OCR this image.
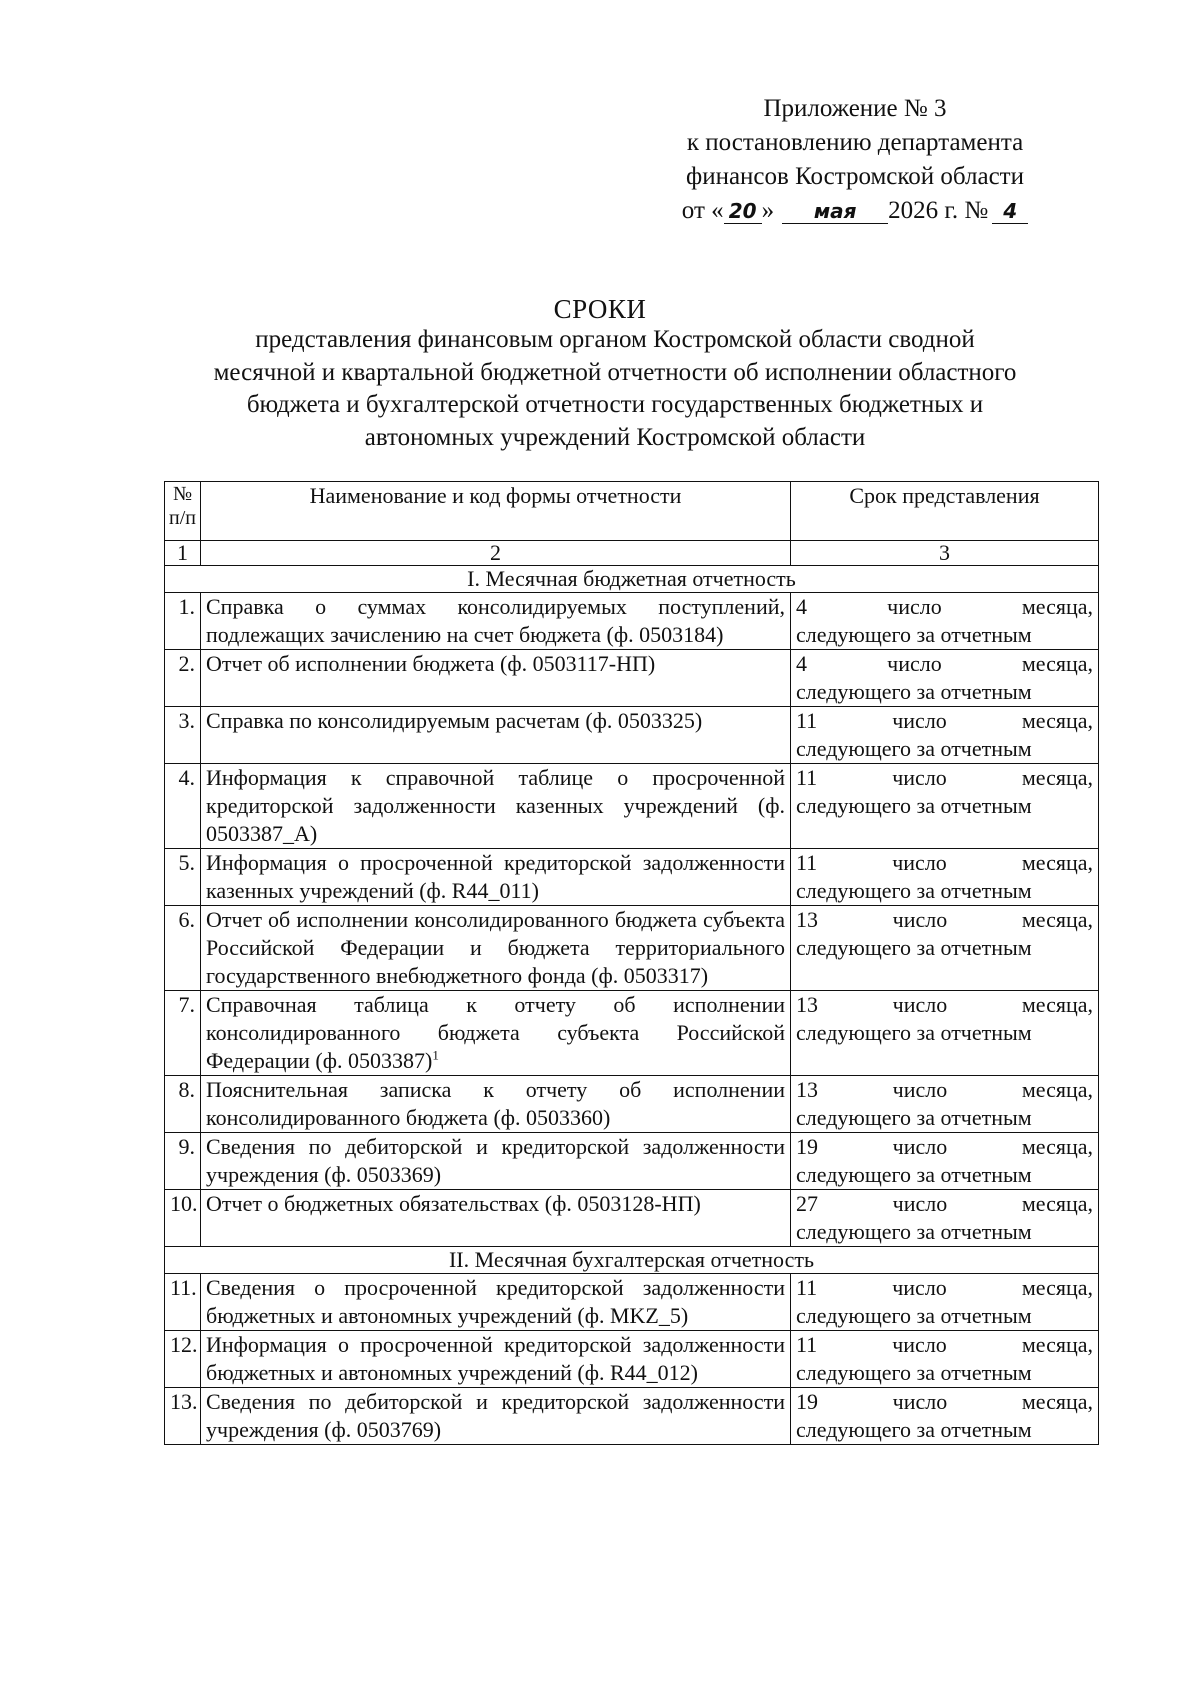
Приложение № 3
к постановлению департамента
финансов Костромской области
от « 20 » мая 2026 г. № 4
СРОКИ
представления финансовым органом Костромской области сводной
месячной и квартальной бюджетной отчетности об исполнении областного
бюджета и бухгалтерской отчетности государственных бюджетных и
автономных учреждений Костромской области
№ п/п	Наименование и код формы отчетности	Срок представления
1	2	3
I. Месячная бюджетная отчетность		
1.	Справка о суммах консолидируемых поступлений, подлежащих зачислению на счет бюджета (ф. 0503184)	4 число месяца,
следующего за отчетным

2.	Отчет об исполнении бюджета (ф. 0503117-НП)	4 число месяца,
следующего за отчетным

3.	Справка по консолидируемым расчетам (ф. 0503325)	11 число месяца,
следующего за отчетным

4.	Информация к справочной таблице о просроченной кредиторской задолженности казенных учреждений (ф. 0503387_А)	11 число месяца,
следующего за отчетным

5.	Информация о просроченной кредиторской задолженности казенных учреждений (ф. R44_011)	11 число месяца,
следующего за отчетным

6.	Отчет об исполнении консолидированного бюджета субъекта Российской Федерации и бюджета территориального государственного внебюджетного фонда (ф. 0503317)	13 число месяца,
следующего за отчетным

7.	Справочная таблица к отчету об исполнении консолидированного бюджета субъекта Российской Федерации (ф. 0503387)$^1$	13 число месяца,
следующего за отчетным

8.	Пояснительная записка к отчету об исполнении консолидированного бюджета (ф. 0503360)	13 число месяца,
следующего за отчетным

9.	Сведения по дебиторской и кредиторской задолженности учреждения (ф. 0503369)	19 число месяца,
следующего за отчетным

10.	Отчет о бюджетных обязательствах (ф. 0503128-НП)	27 число месяца,
следующего за отчетным

II. Месячная бухгалтерская отчетность		
11.	Сведения о просроченной кредиторской задолженности бюджетных и автономных учреждений (ф. MKZ_5)	11 число месяца,
следующего за отчетным

12.	Информация о просроченной кредиторской задолженности бюджетных и автономных учреждений (ф. R44_012)	11 число месяца,
следующего за отчетным

13.	Сведения по дебиторской и кредиторской задолженности учреждения (ф. 0503769)	19 число месяца,
следующего за отчетным
